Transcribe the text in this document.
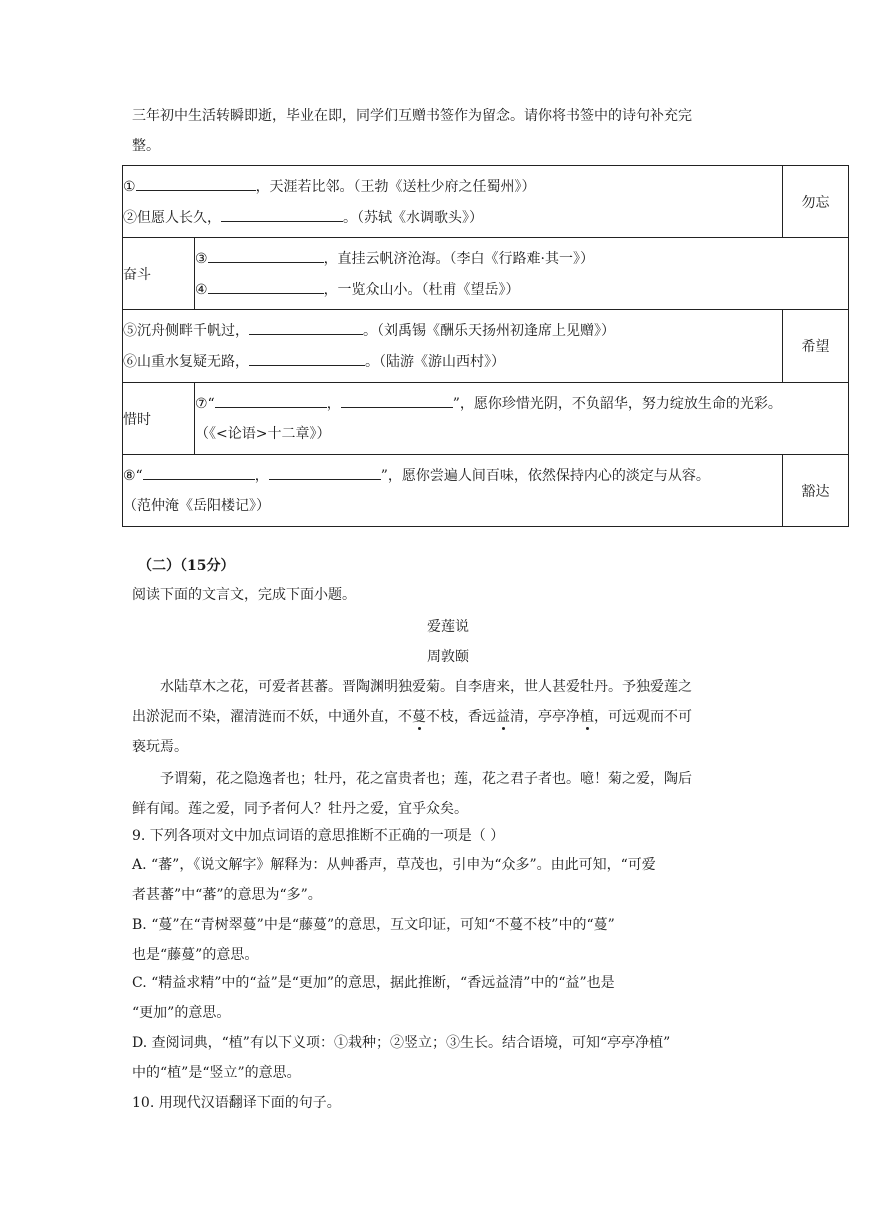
三年初中生活转瞬即逝，毕业在即，同学们互赠书签作为留念。请你将书签中的诗句补充完
整。
① ，天涯若比邻。（王勃《送杜少府之任蜀州》）
②但愿人长久， 。（苏轼《水调歌头》）		勿忘
奋斗	③ ，直挂云帆济沧海。（李白《行路难·其一》）
④ ，一览众山小。（杜甫《望岳》）	

⑤沉舟侧畔千帆过， 。（刘禹锡《酬乐天扬州初逢席上见赠》）
⑥山重水复疑无路， 。（陆游《游山西村》）		希望
惜时	⑦“ ， ”，愿你珍惜光阴，不负韶华，努力绽放生命的光彩。
（《<论语>十二章》）	

⑧“ ， ”，愿你尝遍人间百味，依然保持内心的淡定与从容。
（范仲淹《岳阳楼记》）		豁达
（二）（15分）
阅读下面的文言文，完成下面小题。
爱莲说
周敦颐
水陆草木之花，可爱者甚蕃。晋陶渊明独爱菊。自李唐来，世人甚爱牡丹。予独爱莲之
出淤泥而不染，濯清涟而不妖，中通外直，不蔓不枝，香远益清，亭亭净植，可远观而不可
亵玩焉。
予谓菊，花之隐逸者也；牡丹，花之富贵者也；莲，花之君子者也。噫！菊之爱，陶后
鲜有闻。莲之爱，同予者何人？牡丹之爱，宜乎众矣。
9. 下列各项对文中加点词语的意思推断不正确的一项是（ ）
A. “蕃”，《说文解字》解释为：从艸番声，草茂也，引申为“众多”。由此可知，“可爱
者甚蕃”中“蕃”的意思为“多”。
B. “蔓”在“青树翠蔓”中是“藤蔓”的意思，互文印证，可知“不蔓不枝”中的“蔓”
也是“藤蔓”的意思。
C. “精益求精”中的“益”是“更加”的意思，据此推断，“香远益清”中的“益”也是
“更加”的意思。
D. 查阅词典，“植”有以下义项：①栽种；②竖立；③生长。结合语境，可知“亭亭净植”
中的“植”是“竖立”的意思。
10. 用现代汉语翻译下面的句子。
